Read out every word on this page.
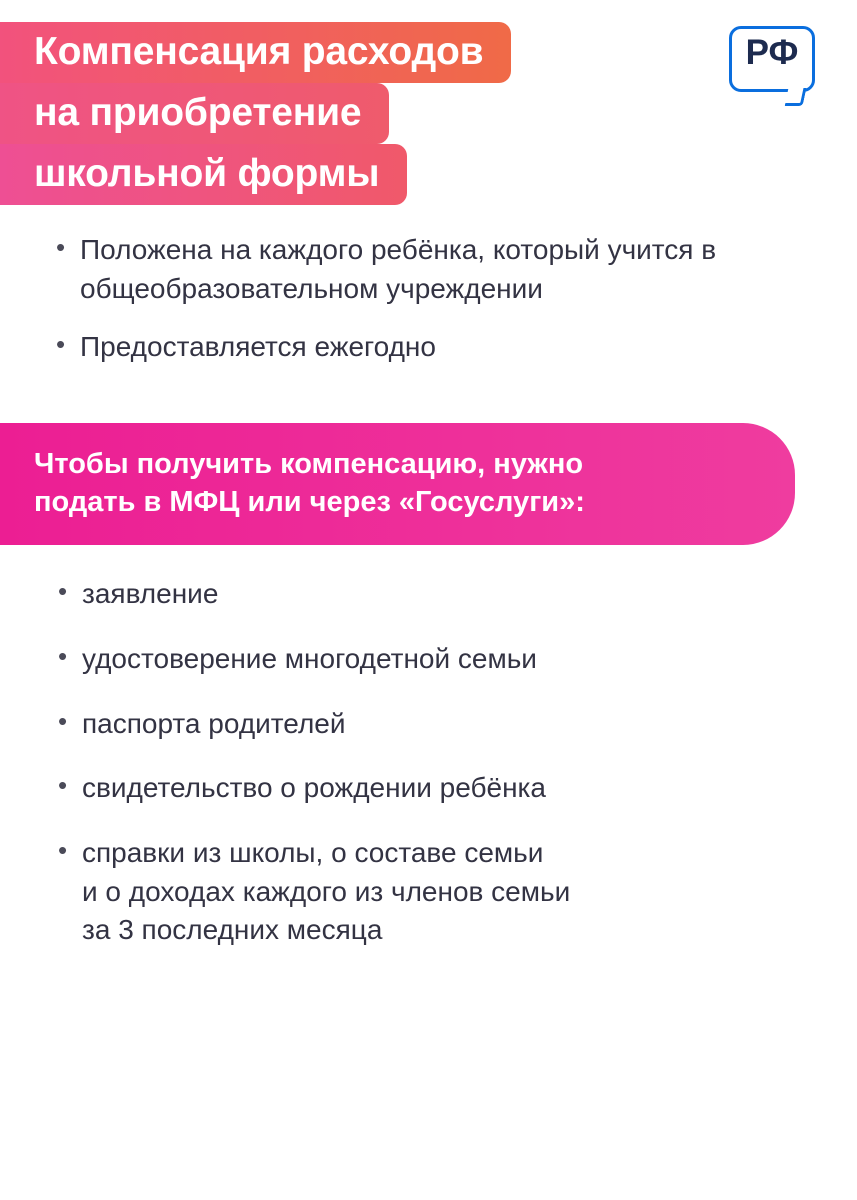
Компенсация расходов
на приобретение
школьной формы
РФ
• Положена на каждого ребёнка, который учится в общеобразовательном учреждении
• Предоставляется ежегодно
Чтобы получить компенсацию, нужно
подать в МФЦ или через «Госуслуги»:
• заявление
• удостоверение многодетной семьи
• паспорта родителей
• свидетельство о рождении ребёнка
• справки из школы, о составе семьи
и о доходах каждого из членов семьи
за 3 последних месяца
